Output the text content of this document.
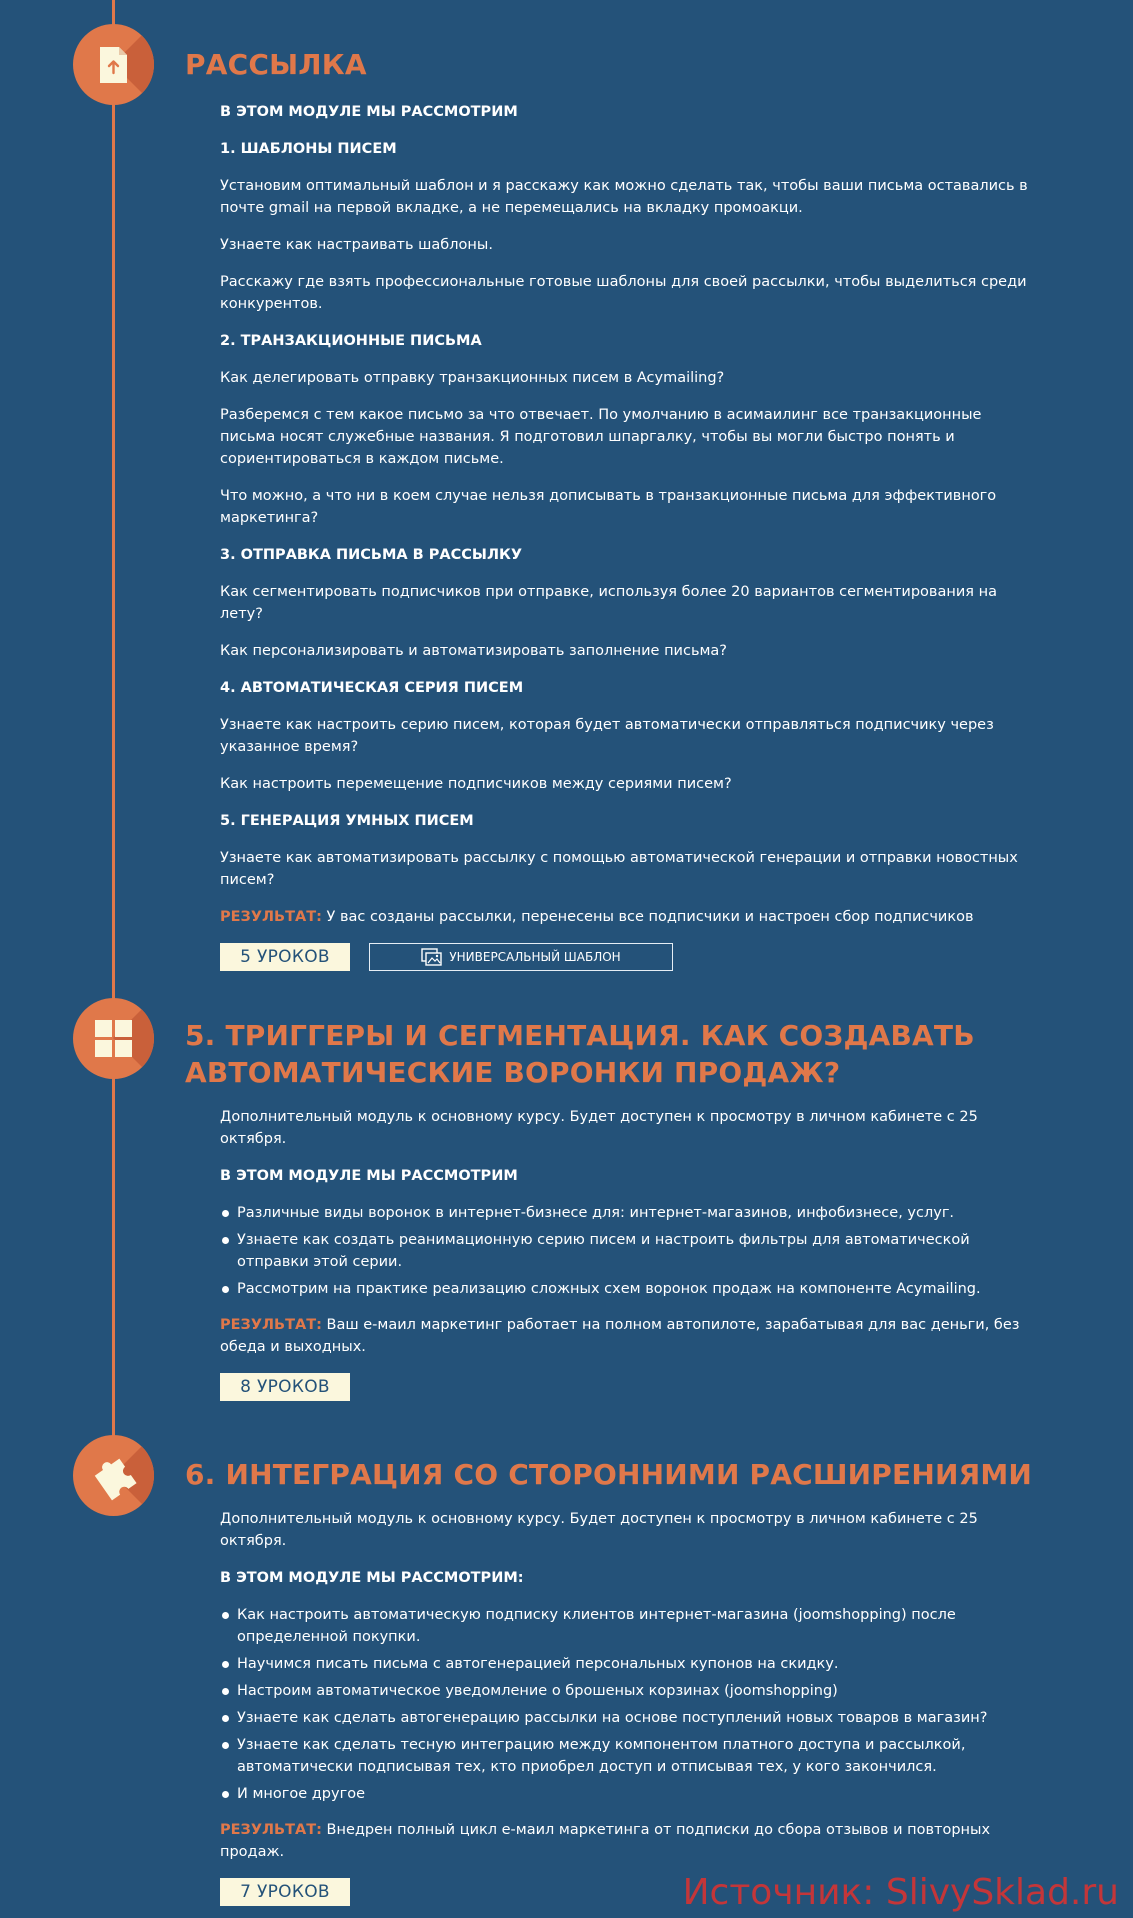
РАССЫЛКА
В ЭТОМ МОДУЛЕ МЫ РАССМОТРИМ
1. ШАБЛОНЫ ПИСЕМ

Установим оптимальный шаблон и я расскажу как можно сделать так, чтобы ваши письма оставались в почте gmail на первой вкладке, а не перемещались на вкладку промоакци.

Узнаете как настраивать шаблоны.

Расскажу где взять профессиональные готовые шаблоны для своей рассылки, чтобы выделиться среди конкурентов.

2. ТРАНЗАКЦИОННЫЕ ПИСЬМА

Как делегировать отправку транзакционных писем в Acymailing?

Разберемся с тем какое письмо за что отвечает. По умолчанию в асимаилинг все транзакционные письма носят служебные названия. Я подготовил шпаргалку, чтобы вы могли быстро понять и сориентироваться в каждом письме.

Что можно, а что ни в коем случае нельзя дописывать в транзакционные письма для эффективного маркетинга?

3. ОТПРАВКА ПИСЬМА В РАССЫЛКУ

Как сегментировать подписчиков при отправке, используя более 20 вариантов сегментирования на лету?

Как персонализировать и автоматизировать заполнение письма?

4. АВТОМАТИЧЕСКАЯ СЕРИЯ ПИСЕМ

Узнаете как настроить серию писем, которая будет автоматически отправляться подписчику через указанное время?

Как настроить перемещение подписчиков между сериями писем?

5. ГЕНЕРАЦИЯ УМНЫХ ПИСЕМ

Узнаете как автоматизировать рассылку с помощью автоматической генерации и отправки новостных писем?

РЕЗУЛЬТАТ: У вас созданы рассылки, перенесены все подписчики и настроен сбор подписчиков

5 УРОКОВ	УНИВЕРСАЛЬНЫЙ ШАБЛОН
5. ТРИГГЕРЫ И СЕГМЕНТАЦИЯ. КАК СОЗДАВАТЬ
АВТОМАТИЧЕСКИЕ ВОРОНКИ ПРОДАЖ?

Дополнительный модуль к основному курсу. Будет доступен к просмотру в личном кабинете с 25 октября.

В ЭТОМ МОДУЛЕ МЫ РАССМОТРИМ
Различные виды воронок в интернет-бизнесе для: интернет-магазинов, инфобизнесе, услуг.
Узнаете как создать реанимационную серию писем и настроить фильтры для автоматической отправки этой серии.
Рассмотрим на практике реализацию сложных схем воронок продаж на компоненте Acymailing.

РЕЗУЛЬТАТ: Ваш е-маил маркетинг работает на полном автопилоте, зарабатывая для вас деньги, без обеда и выходных.

8 УРОКОВ
6. ИНТЕГРАЦИЯ СО СТОРОННИМИ РАСШИРЕНИЯМИ

Дополнительный модуль к основному курсу. Будет доступен к просмотру в личном кабинете с 25 октября.

В ЭТОМ МОДУЛЕ МЫ РАССМОТРИМ:
Как настроить автоматическую подписку клиентов интернет-магазина (joomshopping) после определенной покупки.
Научимся писать письма с автогенерацией персональных купонов на скидку.
Настроим автоматическое уведомление о брошеных корзинах (joomshopping)
Узнаете как сделать автогенерацию рассылки на основе поступлений новых товаров в магазин?
Узнаете как сделать тесную интеграцию между компонентом платного доступа и рассылкой, автоматически подписывая тех, кто приобрел доступ и отписывая тех, у кого закончился.
И многое другое

РЕЗУЛЬТАТ: Внедрен полный цикл е-маил маркетинга от подписки до сбора отзывов и повторных продаж.

7 УРОКОВ	Источник: SlivySklad.ru
